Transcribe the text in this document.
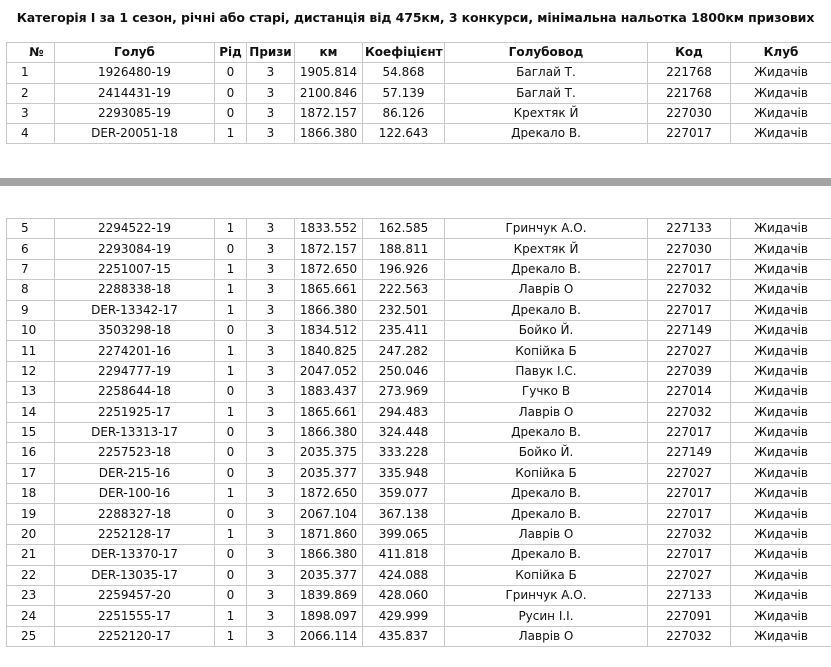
Категорія I за 1 сезон, річні або старі, дистанція від 475км, 3 конкурси, мінімальна нальотка 1800км призових
№	Голуб	Рід	Призи	км	Коефіцієнт	Голубовод	Код	Клуб
1	1926480-19	0	3	1905.814	54.868	Баглай Т.	221768	Жидачів
2	2414431-19	0	3	2100.846	57.139	Баглай Т.	221768	Жидачів
3	2293085-19	0	3	1872.157	86.126	Крехтяк Й	227030	Жидачів
4	DER-20051-18	1	3	1866.380	122.643	Дрекало В.	227017	Жидачів
5	2294522-19	1	3	1833.552	162.585	Гринчук А.О.	227133	Жидачів
6	2293084-19	0	3	1872.157	188.811	Крехтяк Й	227030	Жидачів
7	2251007-15	1	3	1872.650	196.926	Дрекало В.	227017	Жидачів
8	2288338-18	1	3	1865.661	222.563	Лаврів О	227032	Жидачів
9	DER-13342-17	1	3	1866.380	232.501	Дрекало В.	227017	Жидачів
10	3503298-18	0	3	1834.512	235.411	Бойко Й.	227149	Жидачів
11	2274201-16	1	3	1840.825	247.282	Копійка Б	227027	Жидачів
12	2294777-19	1	3	2047.052	250.046	Павук І.С.	227039	Жидачів
13	2258644-18	0	3	1883.437	273.969	Гучко В	227014	Жидачів
14	2251925-17	1	3	1865.661	294.483	Лаврів О	227032	Жидачів
15	DER-13313-17	0	3	1866.380	324.448	Дрекало В.	227017	Жидачів
16	2257523-18	0	3	2035.375	333.228	Бойко Й.	227149	Жидачів
17	DER-215-16	0	3	2035.377	335.948	Копійка Б	227027	Жидачів
18	DER-100-16	1	3	1872.650	359.077	Дрекало В.	227017	Жидачів
19	2288327-18	0	3	2067.104	367.138	Дрекало В.	227017	Жидачів
20	2252128-17	1	3	1871.860	399.065	Лаврів О	227032	Жидачів
21	DER-13370-17	0	3	1866.380	411.818	Дрекало В.	227017	Жидачів
22	DER-13035-17	0	3	2035.377	424.088	Копійка Б	227027	Жидачів
23	2259457-20	0	3	1839.869	428.060	Гринчук А.О.	227133	Жидачів
24	2251555-17	1	3	1898.097	429.999	Русин І.І.	227091	Жидачів
25	2252120-17	1	3	2066.114	435.837	Лаврів О	227032	Жидачів
